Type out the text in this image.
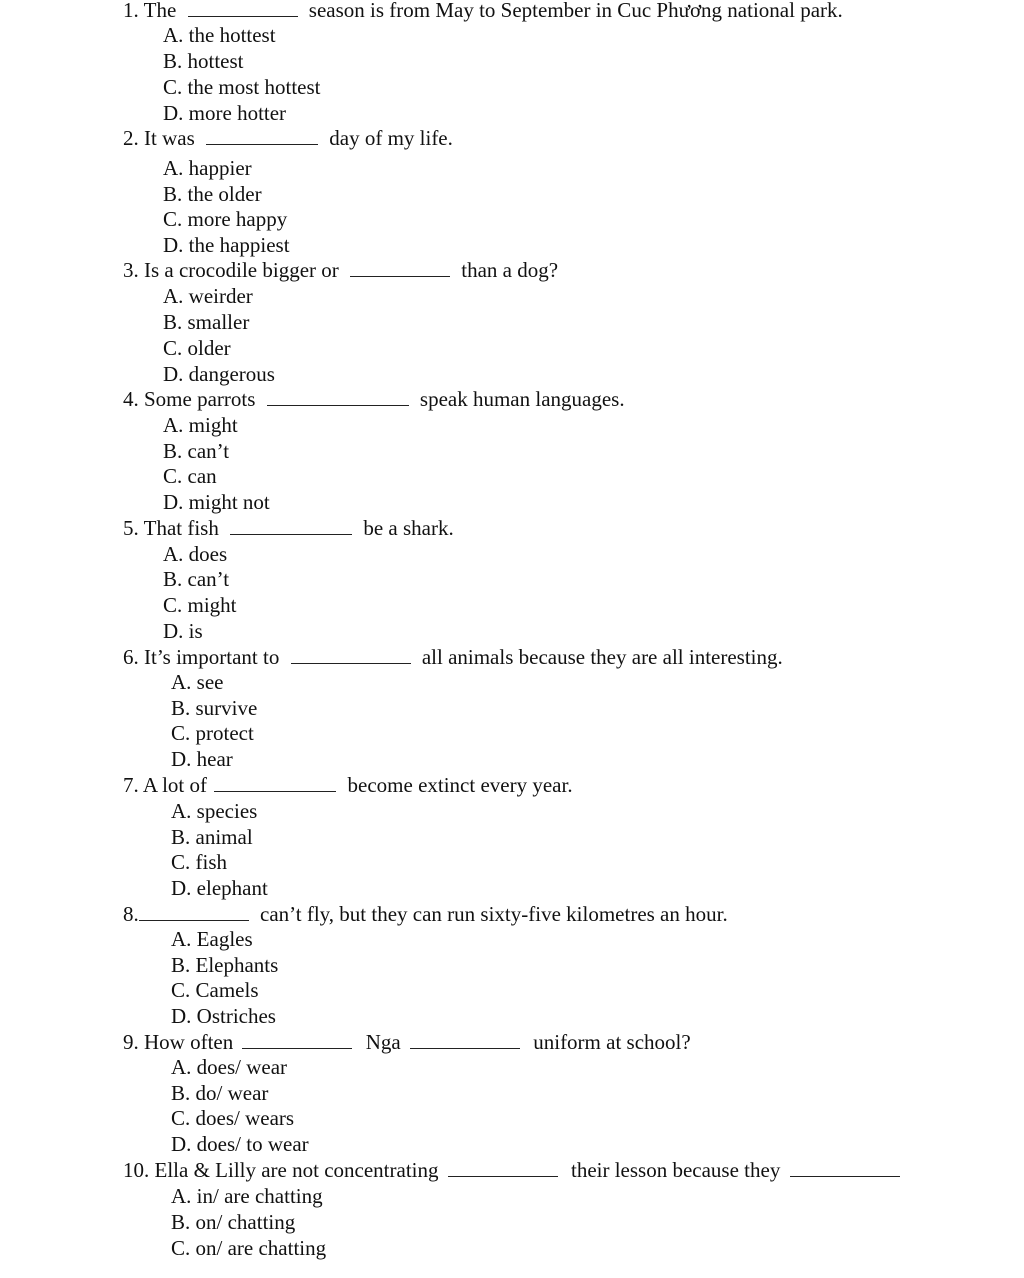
1. The	season is from May to September in Cuc Phương national park.
A. the hottest
B. hottest
C. the most hottest
D. more hotter
2. It was	day of my life.
A. happier
B. the older
C. more happy
D. the happiest
3. Is a crocodile bigger or	than a dog?
A. weirder
B. smaller
C. older
D. dangerous
4. Some parrots	speak human languages.
A. might
B. can’t
C. can
D. might not
5. That fish	be a shark.
A. does
B. can’t
C. might
D. is
6. It’s important to	all animals because they are all interesting.
A. see
B. survive
C. protect
D. hear
7. A lot of	become extinct every year.
A. species
B. animal
C. fish
D. elephant
8.	can’t fly, but they can run sixty-five kilometres an hour.
A. Eagles
B. Elephants
C. Camels
D. Ostriches
9. How often	Nga	uniform at school?
A. does/ wear
B. do/ wear
C. does/ wears
D. does/ to wear
10. Ella & Lilly are not concentrating	their lesson because they
A. in/ are chatting
B. on/ chatting
C. on/ are chatting
